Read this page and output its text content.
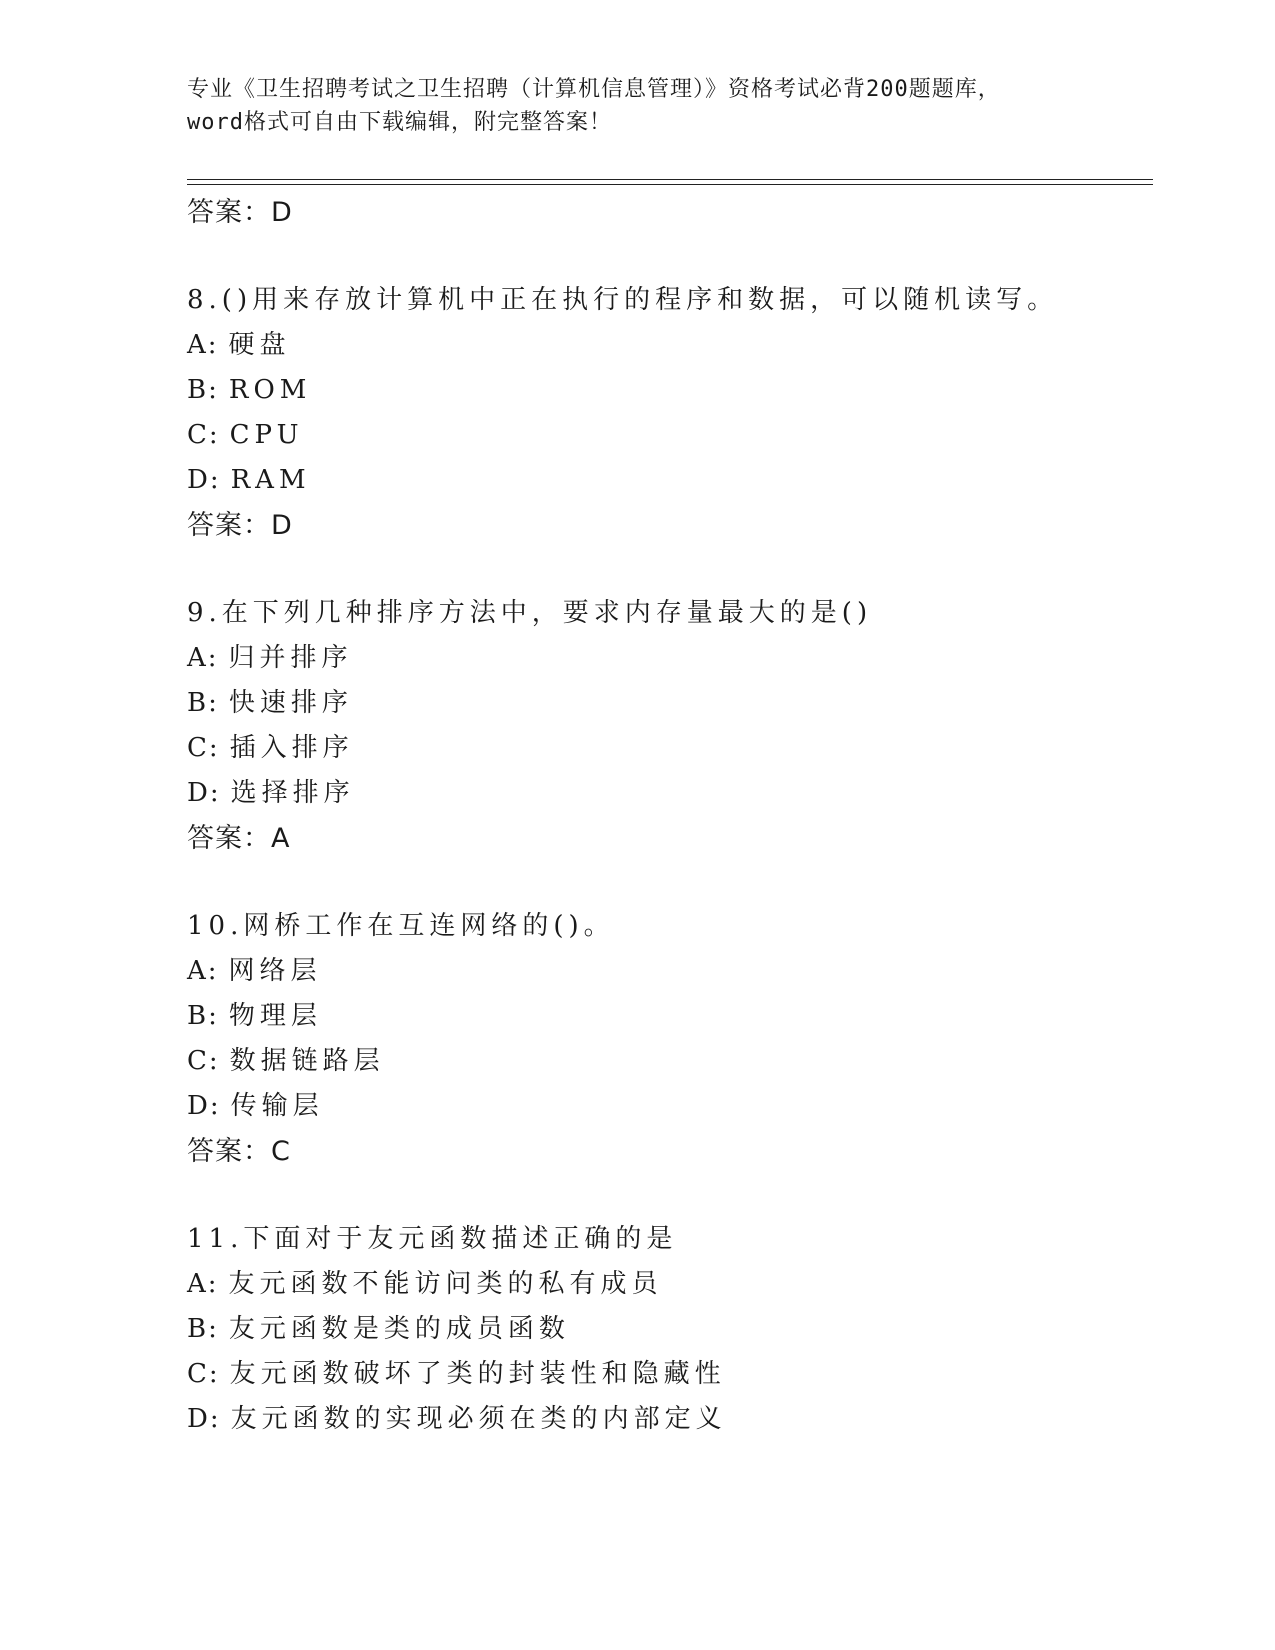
专业《卫生招聘考试之卫生招聘（计算机信息管理）》资格考试必背200题题库，
word格式可自由下载编辑，附完整答案！
答案：D
8.()用来存放计算机中正在执行的程序和数据，可以随机读写。
A: 硬盘
B: ROM
C: CPU
D: RAM
答案：D
9.在下列几种排序方法中，要求内存量最大的是()
A: 归并排序
B: 快速排序
C: 插入排序
D: 选择排序
答案：A
10.网桥工作在互连网络的()。
A: 网络层
B: 物理层
C: 数据链路层
D: 传输层
答案：C
11.下面对于友元函数描述正确的是
A: 友元函数不能访问类的私有成员
B: 友元函数是类的成员函数
C: 友元函数破坏了类的封装性和隐藏性
D: 友元函数的实现必须在类的内部定义
